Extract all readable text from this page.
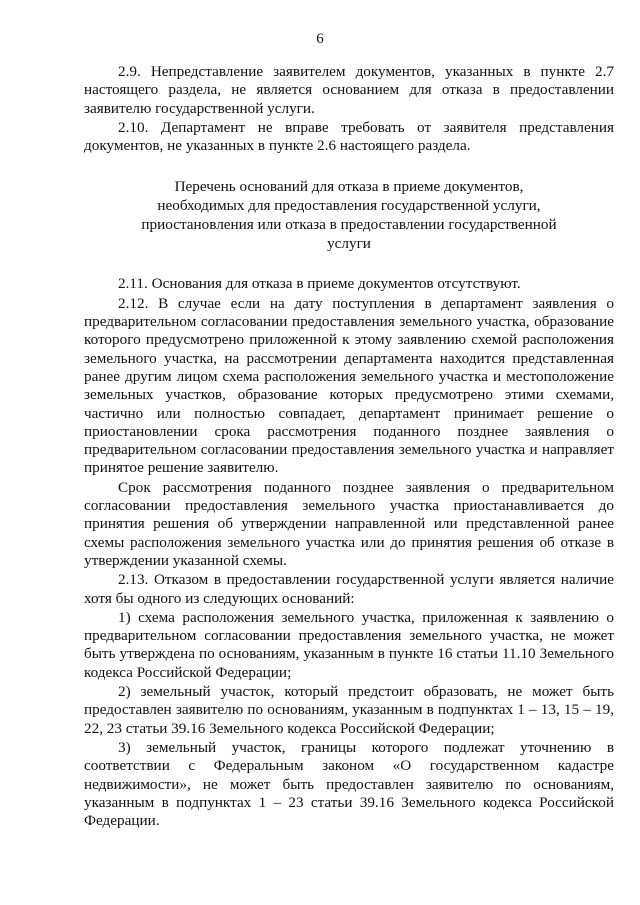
6

2.9. Непредставление заявителем документов, указанных в пункте 2.7 настоящего раздела, не является основанием для отказа в предоставлении заявителю государственной услуги.

2.10. Департамент не вправе требовать от заявителя представления документов, не указанных в пункте 2.6 настоящего раздела.

Перечень оснований для отказа в приеме документов,
необходимых для предоставления государственной услуги,
приостановления или отказа в предоставлении государственной
услуги

2.11. Основания для отказа в приеме документов отсутствуют.

2.12. В случае если на дату поступления в департамент заявления о предварительном согласовании предоставления земельного участка, образование которого предусмотрено приложенной к этому заявлению схемой расположения земельного участка, на рассмотрении департамента находится представленная ранее другим лицом схема расположения земельного участка и местоположение земельных участков, образование которых предусмотрено этими схемами, частично или полностью совпадает, департамент принимает решение о приостановлении срока рассмотрения поданного позднее заявления о предварительном согласовании предоставления земельного участка и направляет принятое решение заявителю.

Срок рассмотрения поданного позднее заявления о предварительном согласовании предоставления земельного участка приостанавливается до принятия решения об утверждении направленной или представленной ранее схемы расположения земельного участка или до принятия решения об отказе в утверждении указанной схемы.

2.13. Отказом в предоставлении государственной услуги является наличие хотя бы одного из следующих оснований:

1) схема расположения земельного участка, приложенная к заявлению о предварительном согласовании предоставления земельного участка, не может быть утверждена по основаниям, указанным в пункте 16 статьи 11.10 Земельного кодекса Российской Федерации;

2) земельный участок, который предстоит образовать, не может быть предоставлен заявителю по основаниям, указанным в подпунктах 1 – 13, 15 – 19, 22, 23 статьи 39.16 Земельного кодекса Российской Федерации;

3) земельный участок, границы которого подлежат уточнению в соответствии с Федеральным законом «О государственном кадастре недвижимости», не может быть предоставлен заявителю по основаниям, указанным в подпунктах 1 – 23 статьи 39.16 Земельного кодекса Российской Федерации.
